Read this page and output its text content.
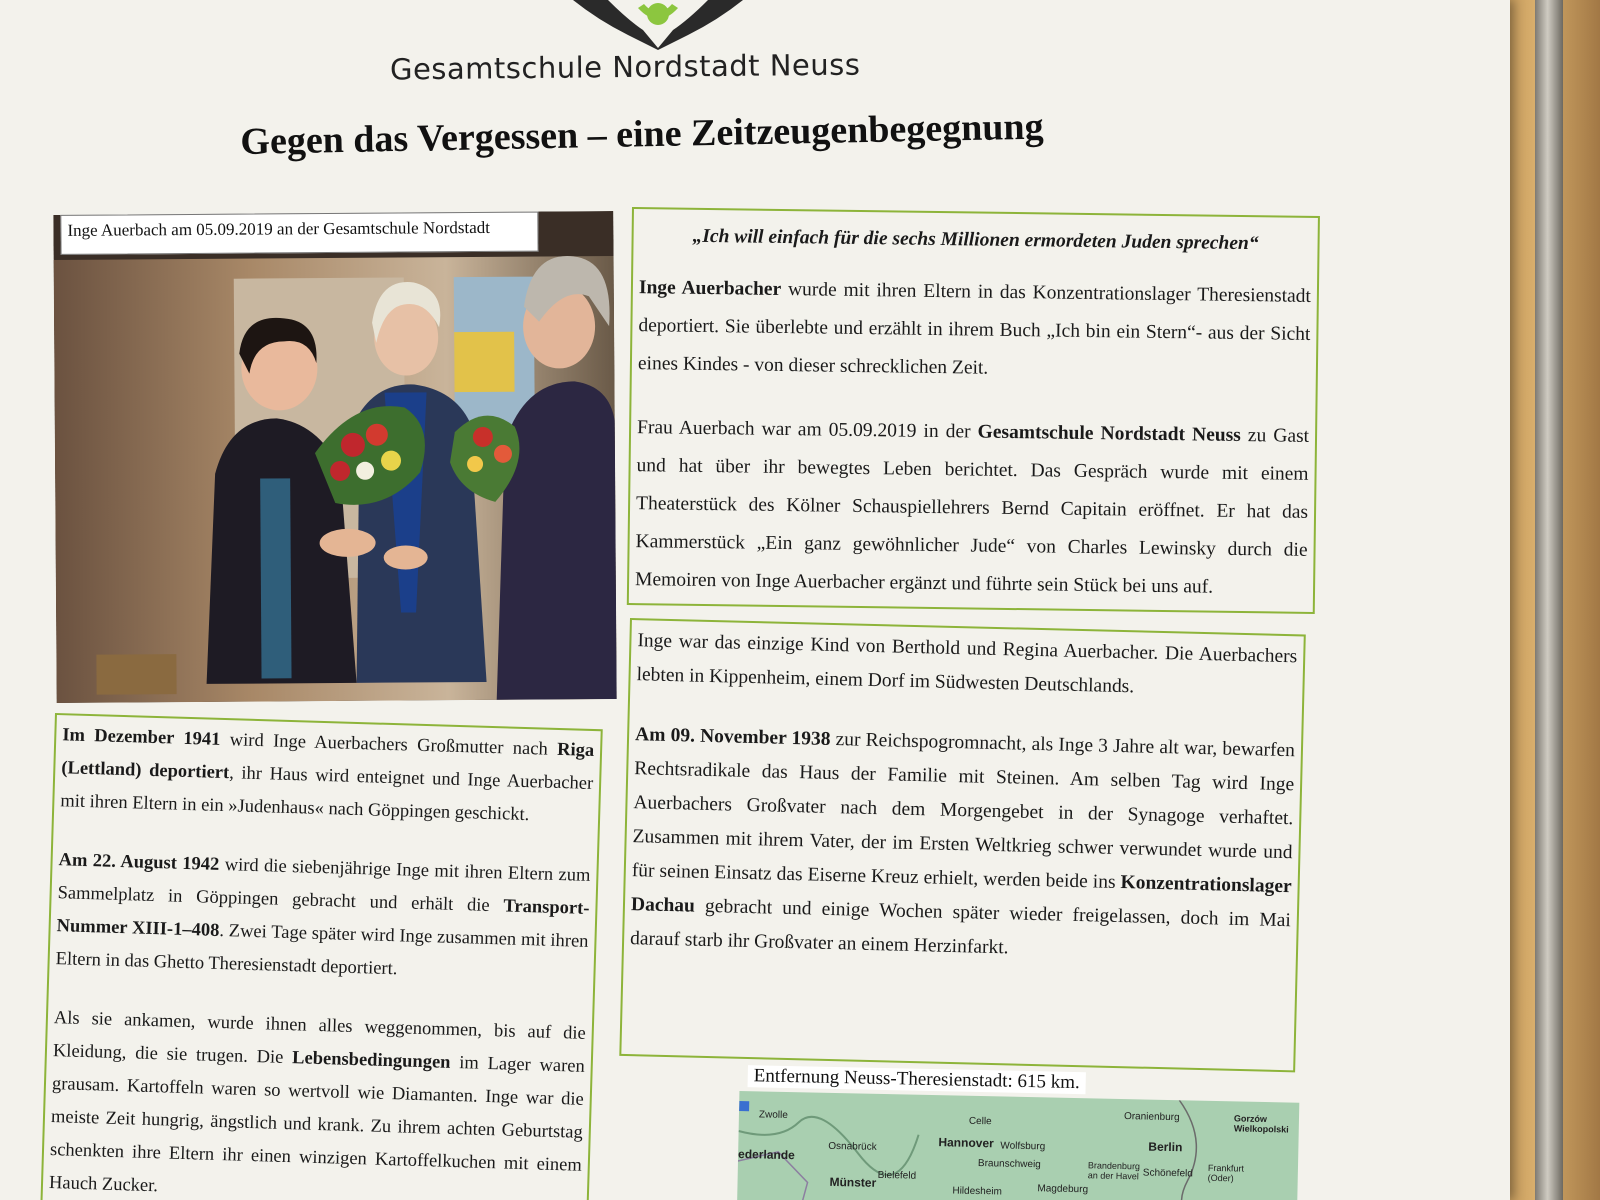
Gesamtschule Nordstadt Neuss
Gegen das Vergessen – eine Zeitzeugenbegegnung
Inge Auerbach am 05.09.2019 an der Gesamtschule Nordstadt	„Ich will einfach für die sechs Millionen ermordeten Juden sprechen“

Inge Auerbacher wurde mit ihren Eltern in das Konzentrationslager Theresienstadt deportiert. Sie überlebte und erzählt in ihrem Buch „Ich bin ein Stern“- aus der Sicht eines Kindes - von dieser schrecklichen Zeit.

Frau Auerbach war am 05.09.2019 in der Gesamtschule Nordstadt Neuss zu Gast und hat über ihr bewegtes Leben berichtet. Das Gespräch wurde mit einem Theaterstück des Kölner Schauspiellehrers Bernd Capitain eröffnet. Er hat das Kammerstück „Ein ganz gewöhnlicher Jude“ von Charles Lewinsky durch die Memoiren von Inge Auerbacher ergänzt und führte sein Stück bei uns auf.

Inge war das einzige Kind von Berthold und Regina Auerbacher. Die Auerbachers lebten in Kippenheim, einem Dorf im Südwesten Deutschlands.

Am 09. November 1938 zur Reichspogromnacht, als Inge 3 Jahre alt war, bewarfen Rechtsradikale das Haus der Familie mit Steinen. Am selben Tag wird Inge Auerbachers Großvater nach dem Morgengebet in der Synagoge verhaftet. Zusammen mit ihrem Vater, der im Ersten Weltkrieg schwer verwundet wurde und für seinen Einsatz das Eiserne Kreuz erhielt, werden beide ins Konzentrationslager Dachau gebracht und einige Wochen später wieder freigelassen, doch im Mai darauf starb ihr Großvater an einem Herzinfarkt.

Im Dezember 1941 wird Inge Auerbachers Großmutter nach Riga (Lettland) deportiert, ihr Haus wird enteignet und Inge Auerbacher mit ihren Eltern in ein »Judenhaus« nach Göppingen geschickt.

Am 22. August 1942 wird die siebenjährige Inge mit ihren Eltern zum Sammelplatz in Göppingen gebracht und erhält die Transport-Nummer XIII-1–408. Zwei Tage später wird Inge zusammen mit ihren Eltern in das Ghetto Theresienstadt deportiert.

Als sie ankamen, wurde ihnen alles weggenommen, bis auf die Kleidung, die sie trugen. Die Lebensbedingungen im Lager waren grausam. Kartoffeln waren so wertvoll wie Diamanten. Inge war die meiste Zeit hungrig, ängstlich und krank. Zu ihrem achten Geburtstag schenkten ihre Eltern ihr einen winzigen Kartoffelkuchen mit einem Hauch Zucker.

Zwolle
Osnabrück	Hannover Wolfsburg
Celle
Braunschweig
Bielefeld
Münster
Hildesheim	Magdeburg
Brandenburg an der Havel
Berlin
Schönefeld Frankfurt (Oder)
Oranienburg	Gorzów Wielkopolski
ederlande
Entfernung Neuss-Theresienstadt: 615 km.
